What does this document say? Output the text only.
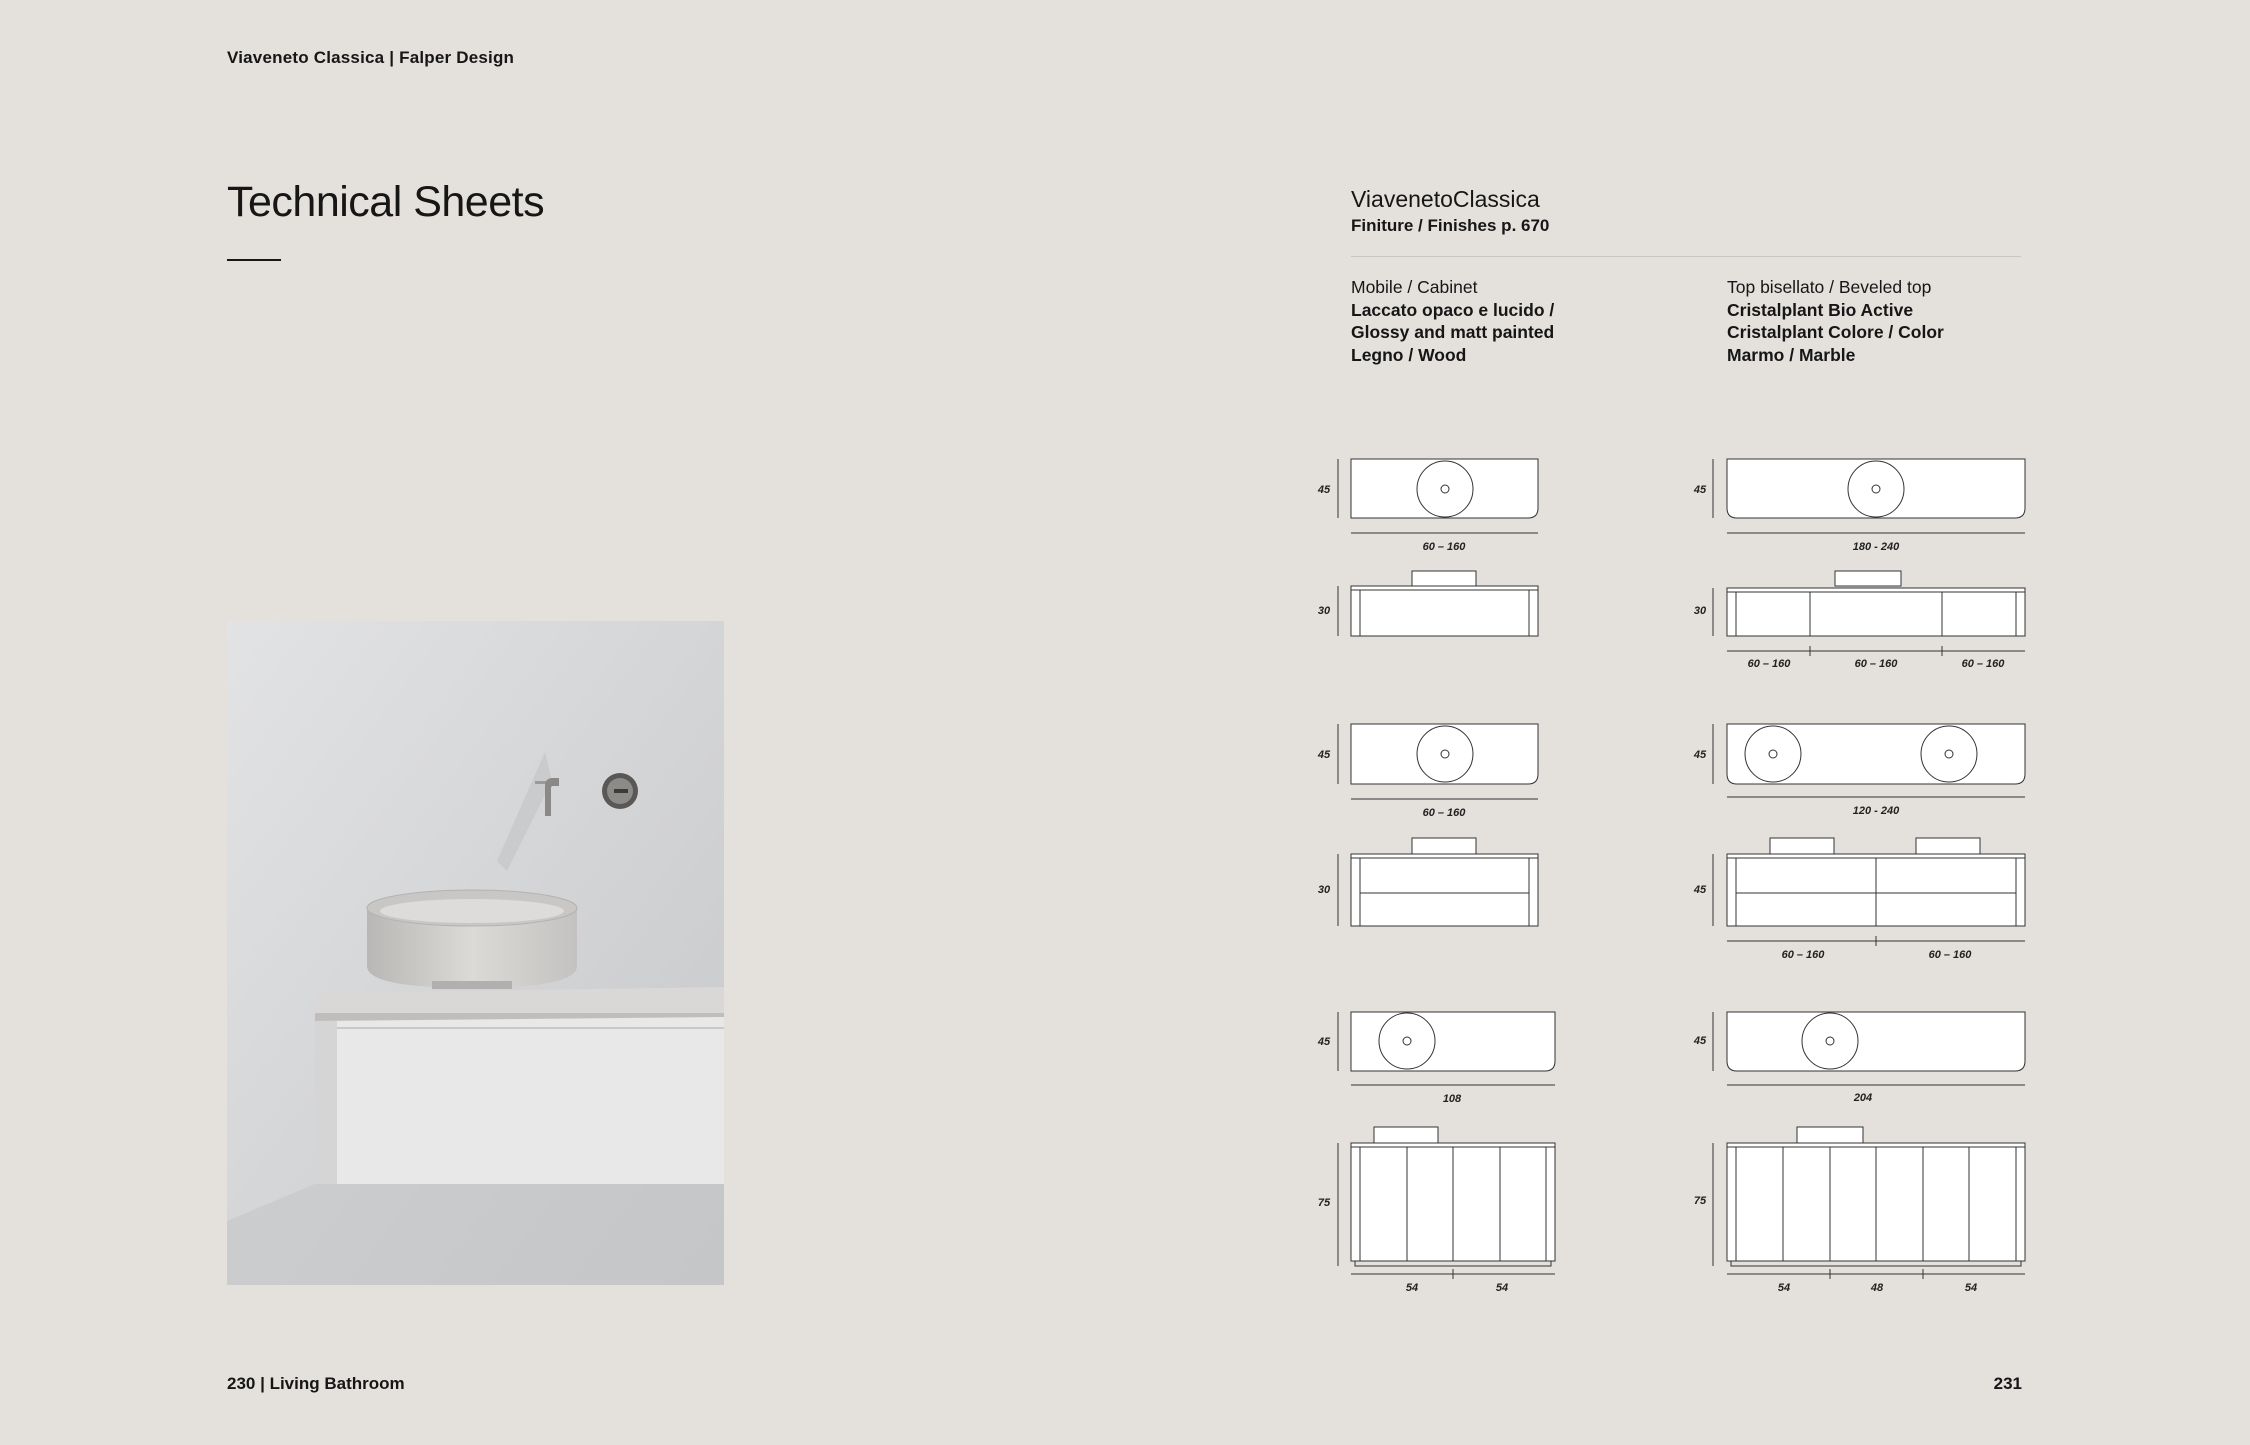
Viaveneto Classica | Falper Design
Technical Sheets	ViavenetoClassica
Finiture / Finishes p. 670
Mobile / Cabinet
Laccato opaco e lucido /
Glossy and matt painted
Legno / Wood
Top bisellato / Beveled top
Cristalplant Bio Active
Cristalplant Colore / Color
Marmo / Marble
45
60 – 160
30
45
180 - 240
30
60 – 160	60 – 160	60 – 160
45
60 – 160
30
45
120 - 240
45
60 – 160	60 – 160
45
108
75
54	54
45
204
75
54	48	54
230 | Living Bathroom	231
